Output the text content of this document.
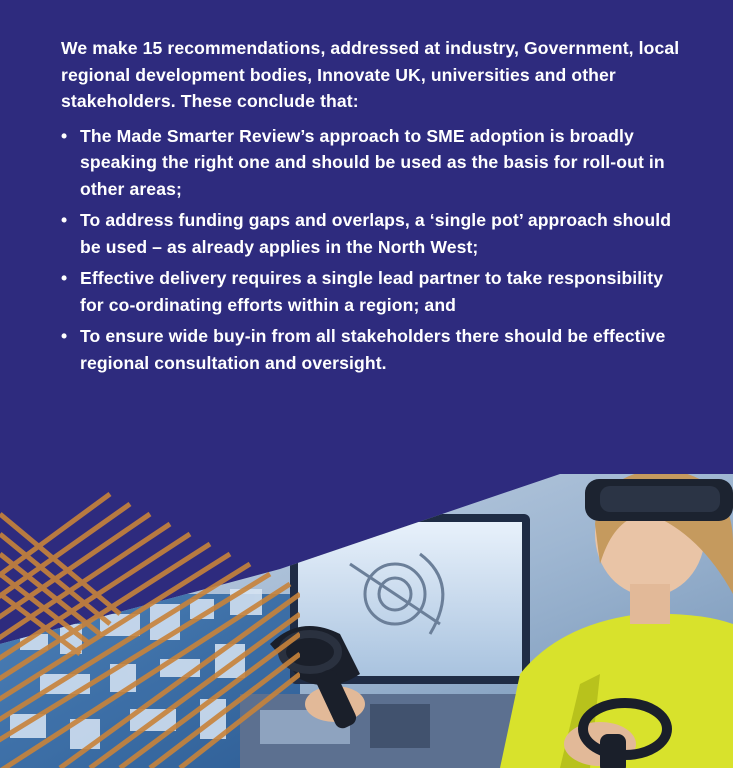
We make 15 recommendations, addressed at industry, Government, local regional development bodies, Innovate UK, universities and other stakeholders. These conclude that:

• The Made Smarter Review’s approach to SME adoption is broadly speaking the right one and should be used as the basis for roll-out in other areas;
• To address funding gaps and overlaps, a ‘single pot’ approach should be used – as already applies in the North West;
• Effective delivery requires a single lead partner to take responsibility for co-ordinating efforts within a region; and
• To ensure wide buy-in from all stakeholders there should be effective regional consultation and oversight.
